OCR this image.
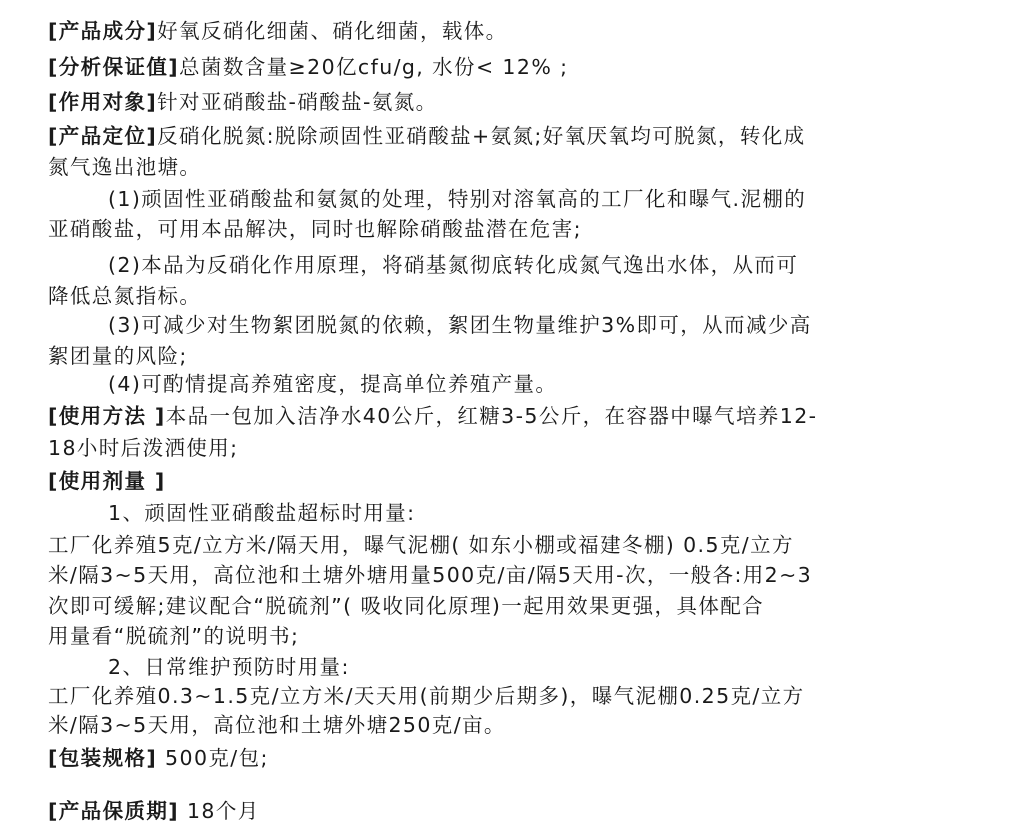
[产品成分]好氧反硝化细菌、硝化细菌，载体。
[分析保证值]总菌数含量≥20亿cfu/g, 水份< 12% ;
[作用对象]针对亚硝酸盐-硝酸盐-氨氮。
[产品定位]反硝化脱氮:脱除顽固性亚硝酸盐+氨氮;好氧厌氧均可脱氮，转化成
氮气逸出池塘。
(1)顽固性亚硝酸盐和氨氮的处理，特别对溶氧高的工厂化和曝气.泥棚的
亚硝酸盐，可用本品解决，同时也解除硝酸盐潜在危害;
(2)本品为反硝化作用原理，将硝基氮彻底转化成氮气逸出水体，从而可
降低总氮指标。
(3)可减少对生物絮团脱氮的依赖，絮团生物量维护3%即可，从而减少高
絮团量的风险;
(4)可酌情提高养殖密度，提高单位养殖产量。
[使用方法 ]本品一包加入洁净水40公斤，红糖3-5公斤，在容器中曝气培养12-
18小时后泼洒使用;
[使用剂量 ]
1、顽固性亚硝酸盐超标时用量:
工厂化养殖5克/立方米/隔天用，曝气泥棚( 如东小棚或福建冬棚) 0.5克/立方
米/隔3~5天用，高位池和土塘外塘用量500克/亩/隔5天用-次，一般各:用2~3
次即可缓解;建议配合“脱硫剂”( 吸收同化原理)一起用效果更强，具体配合
用量看“脱硫剂”的说明书;
2、日常维护预防时用量:
工厂化养殖0.3~1.5克/立方米/天天用(前期少后期多)，曝气泥棚0.25克/立方
米/隔3~5天用，高位池和土塘外塘250克/亩。
[包装规格] 500克/包;
[产品保质期] 18个月
